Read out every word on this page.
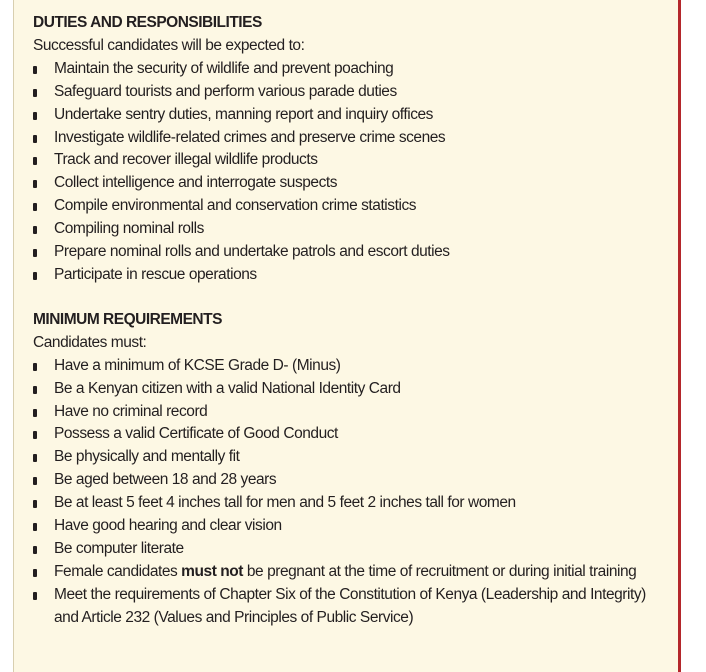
DUTIES AND RESPONSIBILITIES

Successful candidates will be expected to:

Maintain the security of wildlife and prevent poaching
Safeguard tourists and perform various parade duties
Undertake sentry duties, manning report and inquiry offices
Investigate wildlife-related crimes and preserve crime scenes
Track and recover illegal wildlife products
Collect intelligence and interrogate suspects
Compile environmental and conservation crime statistics
Compiling nominal rolls
Prepare nominal rolls and undertake patrols and escort duties
Participate in rescue operations
MINIMUM REQUIREMENTS

Candidates must:

Have a minimum of KCSE Grade D- (Minus)
Be a Kenyan citizen with a valid National Identity Card
Have no criminal record
Possess a valid Certificate of Good Conduct
Be physically and mentally fit
Be aged between 18 and 28 years
Be at least 5 feet 4 inches tall for men and 5 feet 2 inches tall for women
Have good hearing and clear vision
Be computer literate
Female candidates must not be pregnant at the time of recruitment or during initial training
Meet the requirements of Chapter Six of the Constitution of Kenya (Leadership and Integrity) and Article 232 (Values and Principles of Public Service)
